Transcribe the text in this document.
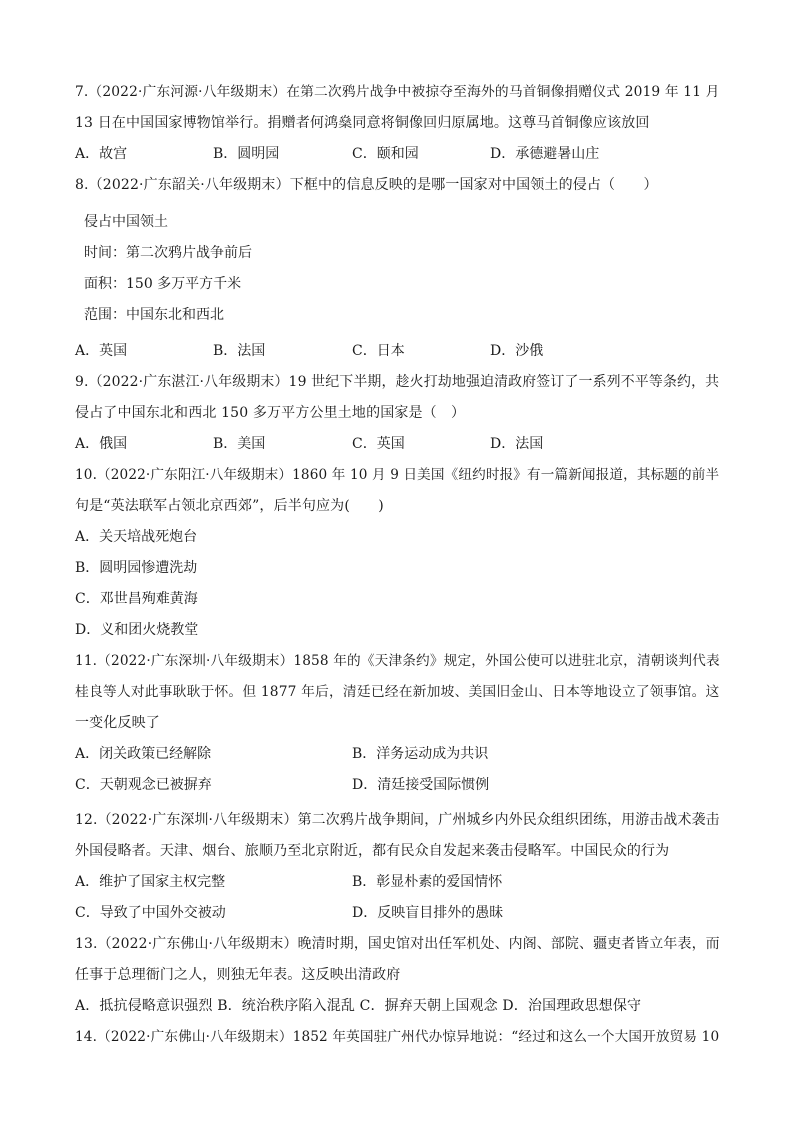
7.（2022·广东河源·八年级期末）在第二次鸦片战争中被掠夺至海外的马首铜像捐赠仪式 2019 年 11 月
13 日在中国国家博物馆举行。捐赠者何鸿燊同意将铜像回归原属地。这尊马首铜像应该放回
A．故宫	B．圆明园	C．颐和园	D．承德避暑山庄
8.（2022·广东韶关·八年级期末）下框中的信息反映的是哪一国家对中国领土的侵占（　　）
侵占中国领土
时间：第二次鸦片战争前后
面积：150 多万平方千米
范围：中国东北和西北
A．英国	B．法国	C．日本	D．沙俄
9.（2022·广东湛江·八年级期末）19 世纪下半期，趁火打劫地强迫清政府签订了一系列不平等条约，共
侵占了中国东北和西北 150 多万平方公里土地的国家是（　）
A．俄国	B．美国	C．英国	D．法国
10.（2022·广东阳江·八年级期末）1860 年 10 月 9 日美国《纽约时报》有一篇新闻报道，其标题的前半
句是“英法联军占领北京西郊”，后半句应为(　　)
A．关天培战死炮台
B．圆明园惨遭洗劫
C．邓世昌殉难黄海
D．义和团火烧教堂
11.（2022·广东深圳·八年级期末）1858 年的《天津条约》规定，外国公使可以进驻北京，清朝谈判代表
桂良等人对此事耿耿于怀。但 1877 年后，清廷已经在新加坡、美国旧金山、日本等地设立了领事馆。这
一变化反映了
A．闭关政策已经解除	B．洋务运动成为共识
C．天朝观念已被摒弃	D．清廷接受国际惯例
12.（2022·广东深圳·八年级期末）第二次鸦片战争期间，广州城乡内外民众组织团练，用游击战术袭击
外国侵略者。天津、烟台、旅顺乃至北京附近，都有民众自发起来袭击侵略军。中国民众的行为
A．维护了国家主权完整	B．彰显朴素的爱国情怀
C．导致了中国外交被动	D．反映盲目排外的愚昧
13.（2022·广东佛山·八年级期末）晚清时期，国史馆对出任军机处、内阁、部院、疆吏者皆立年表，而
任事于总理衙门之人，则独无年表。这反映出清政府
A．抵抗侵略意识强烈 B．统治秩序陷入混乱 C．摒弃天朝上国观念 D．治国理政思想保守
14.（2022·广东佛山·八年级期末）1852 年英国驻广州代办惊异地说：“经过和这么一个大国开放贸易 10
